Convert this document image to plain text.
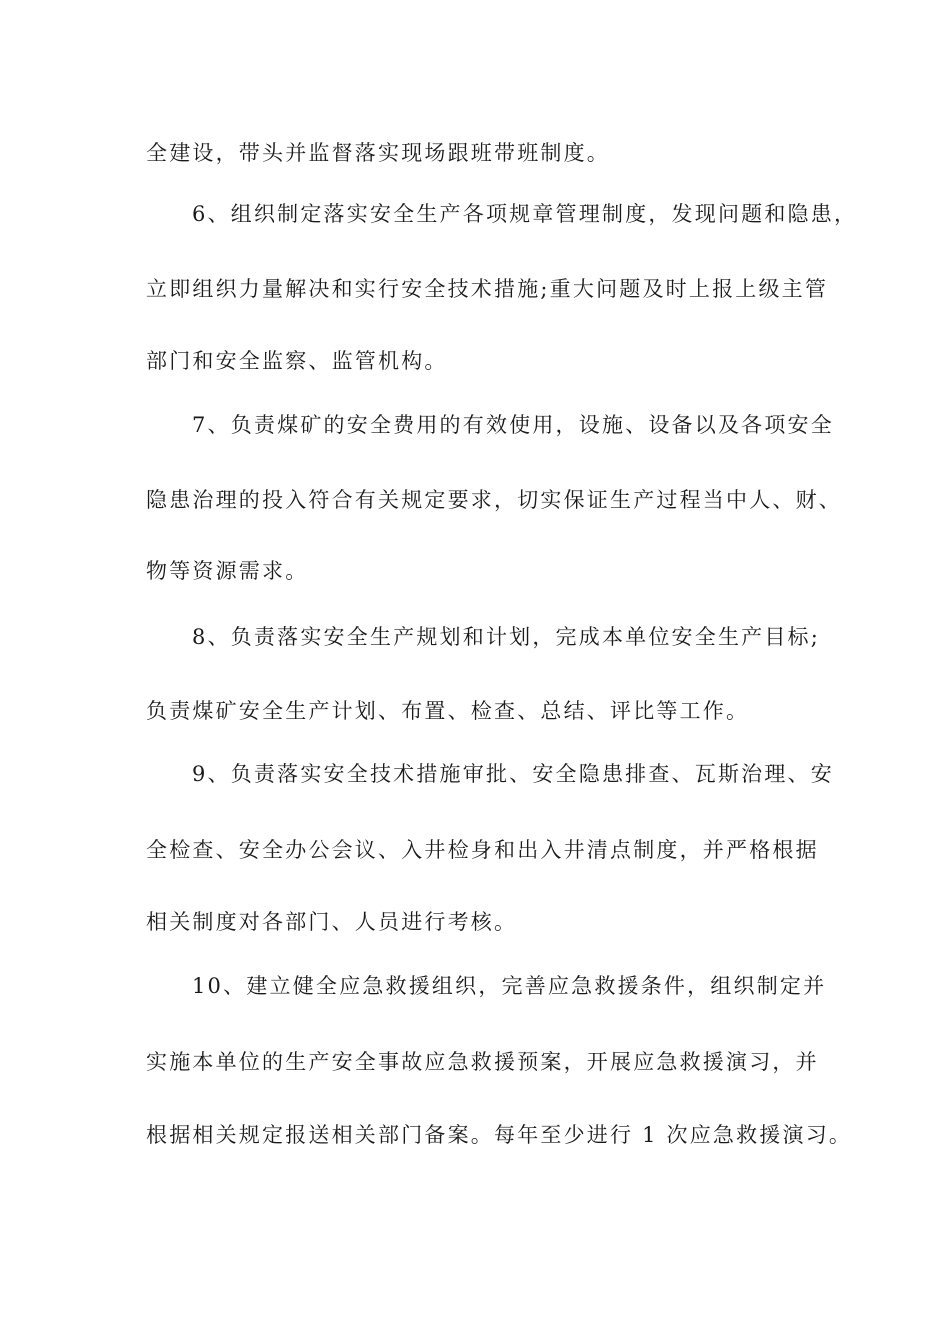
全建设，带头并监督落实现场跟班带班制度。
6、组织制定落实安全生产各项规章管理制度，发现问题和隐患，
立即组织力量解决和实行安全技术措施;重大问题及时上报上级主管
部门和安全监察、监管机构。
7、负责煤矿的安全费用的有效使用，设施、设备以及各项安全
隐患治理的投入符合有关规定要求，切实保证生产过程当中人、财、
物等资源需求。
8、负责落实安全生产规划和计划，完成本单位安全生产目标;
负责煤矿安全生产计划、布置、检查、总结、评比等工作。
9、负责落实安全技术措施审批、安全隐患排查、瓦斯治理、安
全检查、安全办公会议、入井检身和出入井清点制度，并严格根据
相关制度对各部门、人员进行考核。
10、建立健全应急救援组织，完善应急救援条件，组织制定并
实施本单位的生产安全事故应急救援预案，开展应急救援演习，并
根据相关规定报送相关部门备案。每年至少进行 1 次应急救援演习。
